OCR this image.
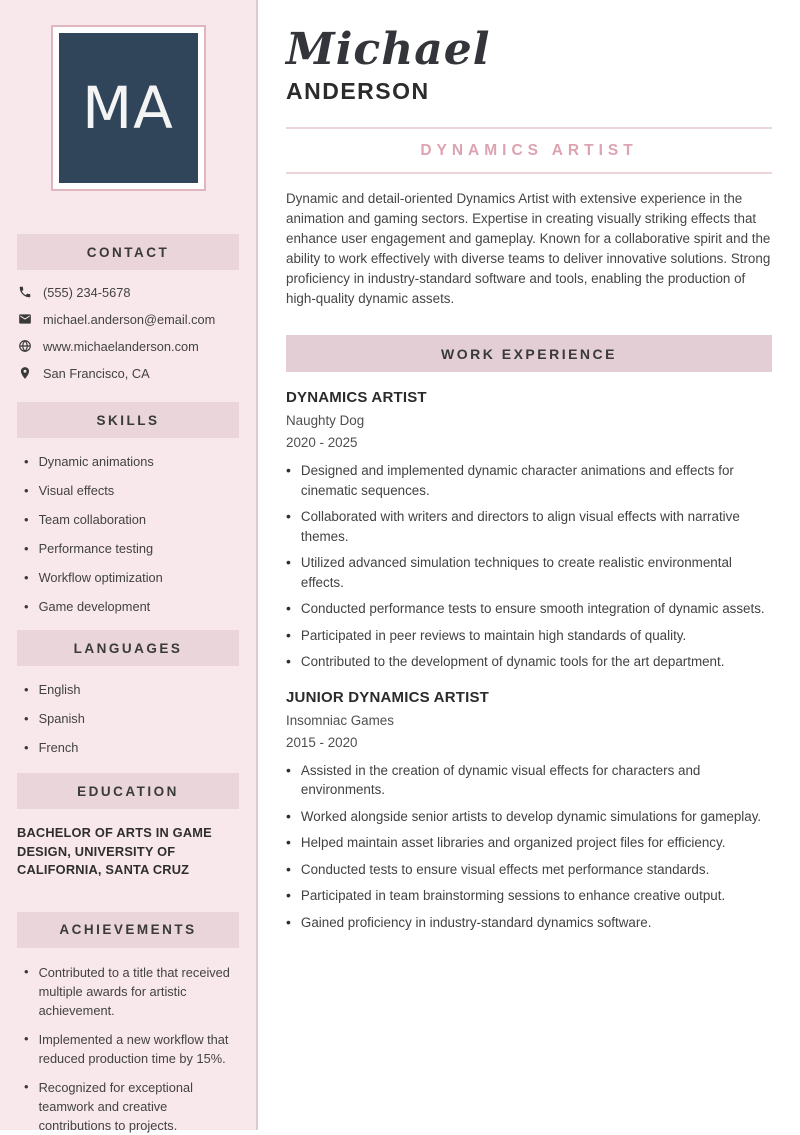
MA
CONTACT
(555) 234-5678
michael.anderson@email.com
www.michaelanderson.com
San Francisco, CA
SKILLS
• Dynamic animations
• Visual effects
• Team collaboration
• Performance testing
• Workflow optimization
• Game development
LANGUAGES
• English
• Spanish
• French
EDUCATION
BACHELOR OF ARTS IN GAME DESIGN, UNIVERSITY OF CALIFORNIA, SANTA CRUZ
ACHIEVEMENTS
• Contributed to a title that received multiple awards for artistic achievement.
• Implemented a new workflow that reduced production time by 15%.
• Recognized for exceptional teamwork and creative contributions to projects.
Michael
ANDERSON
DYNAMICS ARTIST

Dynamic and detail-oriented Dynamics Artist with extensive experience in the animation and gaming sectors. Expertise in creating visually striking effects that enhance user engagement and gameplay. Known for a collaborative spirit and the ability to work effectively with diverse teams to deliver innovative solutions. Strong proficiency in industry-standard software and tools, enabling the production of high-quality dynamic assets.

WORK EXPERIENCE
DYNAMICS ARTIST
Naughty Dog
2020 - 2025
• Designed and implemented dynamic character animations and effects for cinematic sequences.
• Collaborated with writers and directors to align visual effects with narrative themes.
• Utilized advanced simulation techniques to create realistic environmental effects.
• Conducted performance tests to ensure smooth integration of dynamic assets.
• Participated in peer reviews to maintain high standards of quality.
• Contributed to the development of dynamic tools for the art department.
JUNIOR DYNAMICS ARTIST
Insomniac Games
2015 - 2020
• Assisted in the creation of dynamic visual effects for characters and environments.
• Worked alongside senior artists to develop dynamic simulations for gameplay.
• Helped maintain asset libraries and organized project files for efficiency.
• Conducted tests to ensure visual effects met performance standards.
• Participated in team brainstorming sessions to enhance creative output.
• Gained proficiency in industry-standard dynamics software.
